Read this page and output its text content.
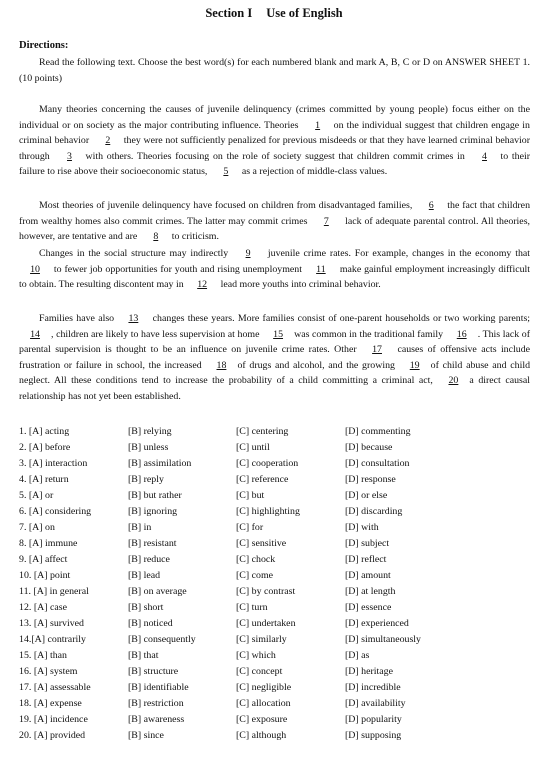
Section I Use of English
Directions:
Read the following text. Choose the best word(s) for each numbered blank and mark A, B, C or D on ANSWER SHEET 1. (10 points)
Many theories concerning the causes of juvenile delinquency (crimes committed by young people) focus either on the individual or on society as the major contributing influence. Theories 1 on the individual suggest that children engage in criminal behavior 2 they were not sufficiently penalized for previous misdeeds or that they have learned criminal behavior through 3 with others. Theories focusing on the role of society suggest that children commit crimes in 4 to their failure to rise above their socioeconomic status, 5 as a rejection of middle-class values.
Most theories of juvenile delinquency have focused on children from disadvantaged families, 6 the fact that children from wealthy homes also commit crimes. The latter may commit crimes 7 lack of adequate parental control. All theories, however, are tentative and are 8 to criticism.
Changes in the social structure may indirectly 9 juvenile crime rates. For example, changes in the economy that 10 to fewer job opportunities for youth and rising unemployment 11 make gainful employment increasingly difficult to obtain. The resulting discontent may in 12 lead more youths into criminal behavior.
Families have also 13 changes these years. More families consist of one-parent households or two working parents; 14 , children are likely to have less supervision at home 15 was common in the traditional family 16 . This lack of parental supervision is thought to be an influence on juvenile crime rates. Other 17 causes of offensive acts include frustration or failure in school, the increased 18 of drugs and alcohol, and the growing 19 of child abuse and child neglect. All these conditions tend to increase the probability of a child committing a criminal act, 20 a direct causal relationship has not yet been established.
1. [A] acting	[B] relying	[C] centering	[D] commenting
2. [A] before	[B] unless	[C] until	[D] because
3. [A] interaction	[B] assimilation	[C] cooperation	[D] consultation
4. [A] return	[B] reply	[C] reference	[D] response
5. [A] or	[B] but rather	[C] but	[D] or else
6. [A] considering	[B] ignoring	[C] highlighting	[D] discarding
7. [A] on	[B] in	[C] for	[D] with
8. [A] immune	[B] resistant	[C] sensitive	[D] subject
9. [A] affect	[B] reduce	[C] chock	[D] reflect
10. [A] point	[B] lead	[C] come	[D] amount
11. [A] in general	[B] on average	[C] by contrast	[D] at length
12. [A] case	[B] short	[C] turn	[D] essence
13. [A] survived	[B] noticed	[C] undertaken	[D] experienced
14.[A] contrarily	[B] consequently	[C] similarly	[D] simultaneously
15. [A] than	[B] that	[C] which	[D] as
16. [A] system	[B] structure	[C] concept	[D] heritage
17. [A] assessable	[B] identifiable	[C] negligible	[D] incredible
18. [A] expense	[B] restriction	[C] allocation	[D] availability
19. [A] incidence	[B] awareness	[C] exposure	[D] popularity
20. [A] provided	[B] since	[C] although	[D] supposing
